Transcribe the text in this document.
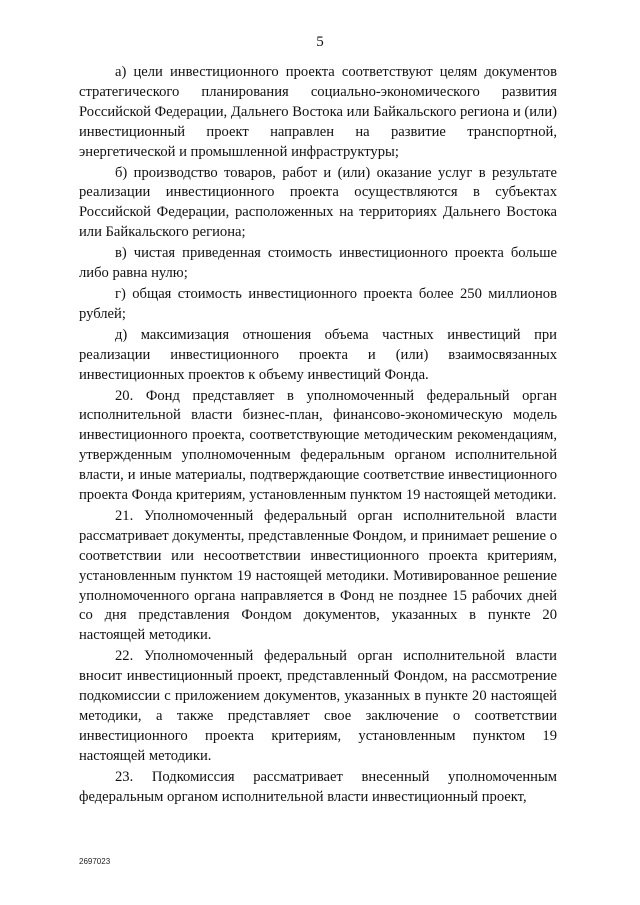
5

а) цели инвестиционного проекта соответствуют целям документов стратегического планирования социально-экономического развития Российской Федерации, Дальнего Востока или Байкальского региона и (или) инвестиционный проект направлен на развитие транспортной, энергетической и промышленной инфраструктуры;

б) производство товаров, работ и (или) оказание услуг в результате реализации инвестиционного проекта осуществляются в субъектах Российской Федерации, расположенных на территориях Дальнего Востока или Байкальского региона;

в) чистая приведенная стоимость инвестиционного проекта больше либо равна нулю;

г) общая стоимость инвестиционного проекта более 250 миллионов рублей;

д) максимизация отношения объема частных инвестиций при реализации инвестиционного проекта и (или) взаимосвязанных инвестиционных проектов к объему инвестиций Фонда.

20. Фонд представляет в уполномоченный федеральный орган исполнительной власти бизнес-план, финансово-экономическую модель инвестиционного проекта, соответствующие методическим рекомендациям, утвержденным уполномоченным федеральным органом исполнительной власти, и иные материалы, подтверждающие соответствие инвестиционного проекта Фонда критериям, установленным пунктом 19 настоящей методики.

21. Уполномоченный федеральный орган исполнительной власти рассматривает документы, представленные Фондом, и принимает решение о соответствии или несоответствии инвестиционного проекта критериям, установленным пунктом 19 настоящей методики. Мотивированное решение уполномоченного органа направляется в Фонд не позднее 15 рабочих дней со дня представления Фондом документов, указанных в пункте 20 настоящей методики.

22. Уполномоченный федеральный орган исполнительной власти вносит инвестиционный проект, представленный Фондом, на рассмотрение подкомиссии с приложением документов, указанных в пункте 20 настоящей методики, а также представляет свое заключение о соответствии инвестиционного проекта критериям, установленным пунктом 19 настоящей методики.

23. Подкомиссия рассматривает внесенный уполномоченным федеральным органом исполнительной власти инвестиционный проект,

2697023
